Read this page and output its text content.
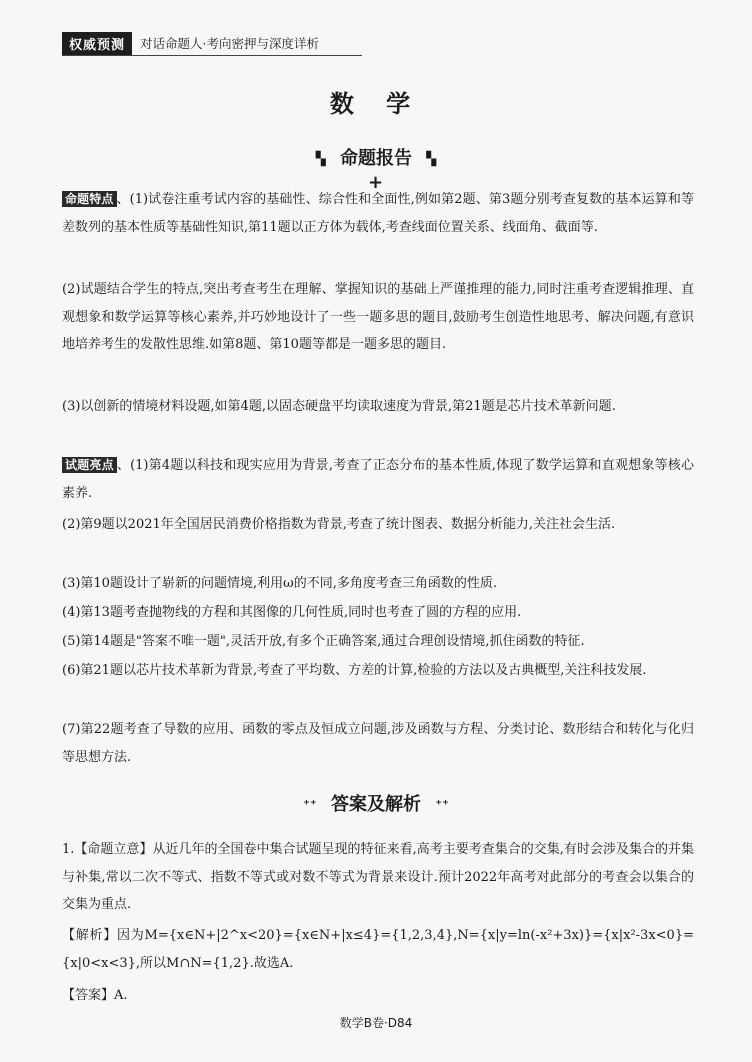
权威预测	对话命题人·考向密押与深度详析
数 学
▚ 命题报告 ▚
+
命题特点 、(1)试卷注重考试内容的基础性、综合性和全面性,例如第2题、第3题分别考查复数的基本运算和等差数列的基本性质等基础性知识,第11题以正方体为载体,考查线面位置关系、线面角、截面等.
(2)试题结合学生的特点,突出考查考生在理解、掌握知识的基础上严谨推理的能力,同时注重考查逻辑推理、直观想象和数学运算等核心素养,并巧妙地设计了一些一题多思的题目,鼓励考生创造性地思考、解决问题,有意识地培养考生的发散性思维.如第8题、第10题等都是一题多思的题目.
(3)以创新的情境材料设题,如第4题,以固态硬盘平均读取速度为背景,第21题是芯片技术革新问题.
试题亮点 、(1)第4题以科技和现实应用为背景,考查了正态分布的基本性质,体现了数学运算和直观想象等核心素养.
(2)第9题以2021年全国居民消费价格指数为背景,考查了统计图表、数据分析能力,关注社会生活.
(3)第10题设计了崭新的问题情境,利用ω的不同,多角度考查三角函数的性质.
(4)第13题考查抛物线的方程和其图像的几何性质,同时也考查了圆的方程的应用.
(5)第14题是"答案不唯一题",灵活开放,有多个正确答案,通过合理创设情境,抓住函数的特征.
(6)第21题以芯片技术革新为背景,考查了平均数、方差的计算,检验的方法以及古典概型,关注科技发展.
(7)第22题考查了导数的应用、函数的零点及恒成立问题,涉及函数与方程、分类讨论、数形结合和转化与化归等思想方法.
⁺⁺ 答案及解析 ⁺⁺
1.【命题立意】从近几年的全国卷中集合试题呈现的特征来看,高考主要考查集合的交集,有时会涉及集合的并集与补集,常以二次不等式、指数不等式或对数不等式为背景来设计.预计2022年高考对此部分的考查会以集合的交集为重点.
【解析】因为M={x∈N+|2^x<20}={x∈N+|x≤4}={1,2,3,4},N={x|y=ln(-x²+3x)}={x|x²-3x<0}={x|0<x<3},所以M∩N={1,2}.故选A.
【答案】A.
数学B卷·D84
